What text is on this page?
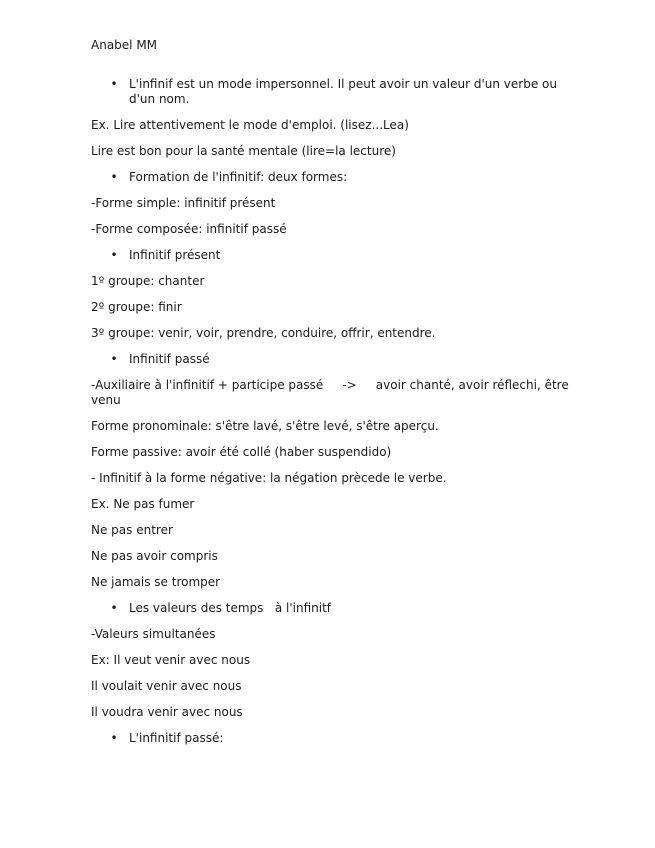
Anabel MM

• L'infinif est un mode impersonnel. Il peut avoir un valeur d'un verbe ou d'un nom.

Ex. Lire attentivement le mode d'emploi. (lisez...Lea)

Lire est bon pour la santé mentale (lire=la lecture)

• Formation de l'infinitif: deux formes:

-Forme simple: infinitif présent

-Forme composée: infinitif passé

• Infinitif présent

1º groupe: chanter

2º groupe: finir

3º groupe: venir, voir, prendre, conduire, offrir, entendre.

• Infinitif passé

-Auxiliaire à l'infinitif + participe passé     ->     avoir chanté, avoir réflechi, être venu

Forme pronominale: s'être lavé, s'être levé, s'être aperçu.

Forme passive: avoir été collé (haber suspendido)

- Infinitif à la forme négative: la négation prècede le verbe.

Ex. Ne pas fumer

Ne pas entrer

Ne pas avoir compris

Ne jamais se tromper

• Les valeurs des temps   à l'infinitf

-Valeurs simultanées

Ex: Il veut venir avec nous

Il voulait venir avec nous

Il voudra venir avec nous

• L'infinitif passé:
